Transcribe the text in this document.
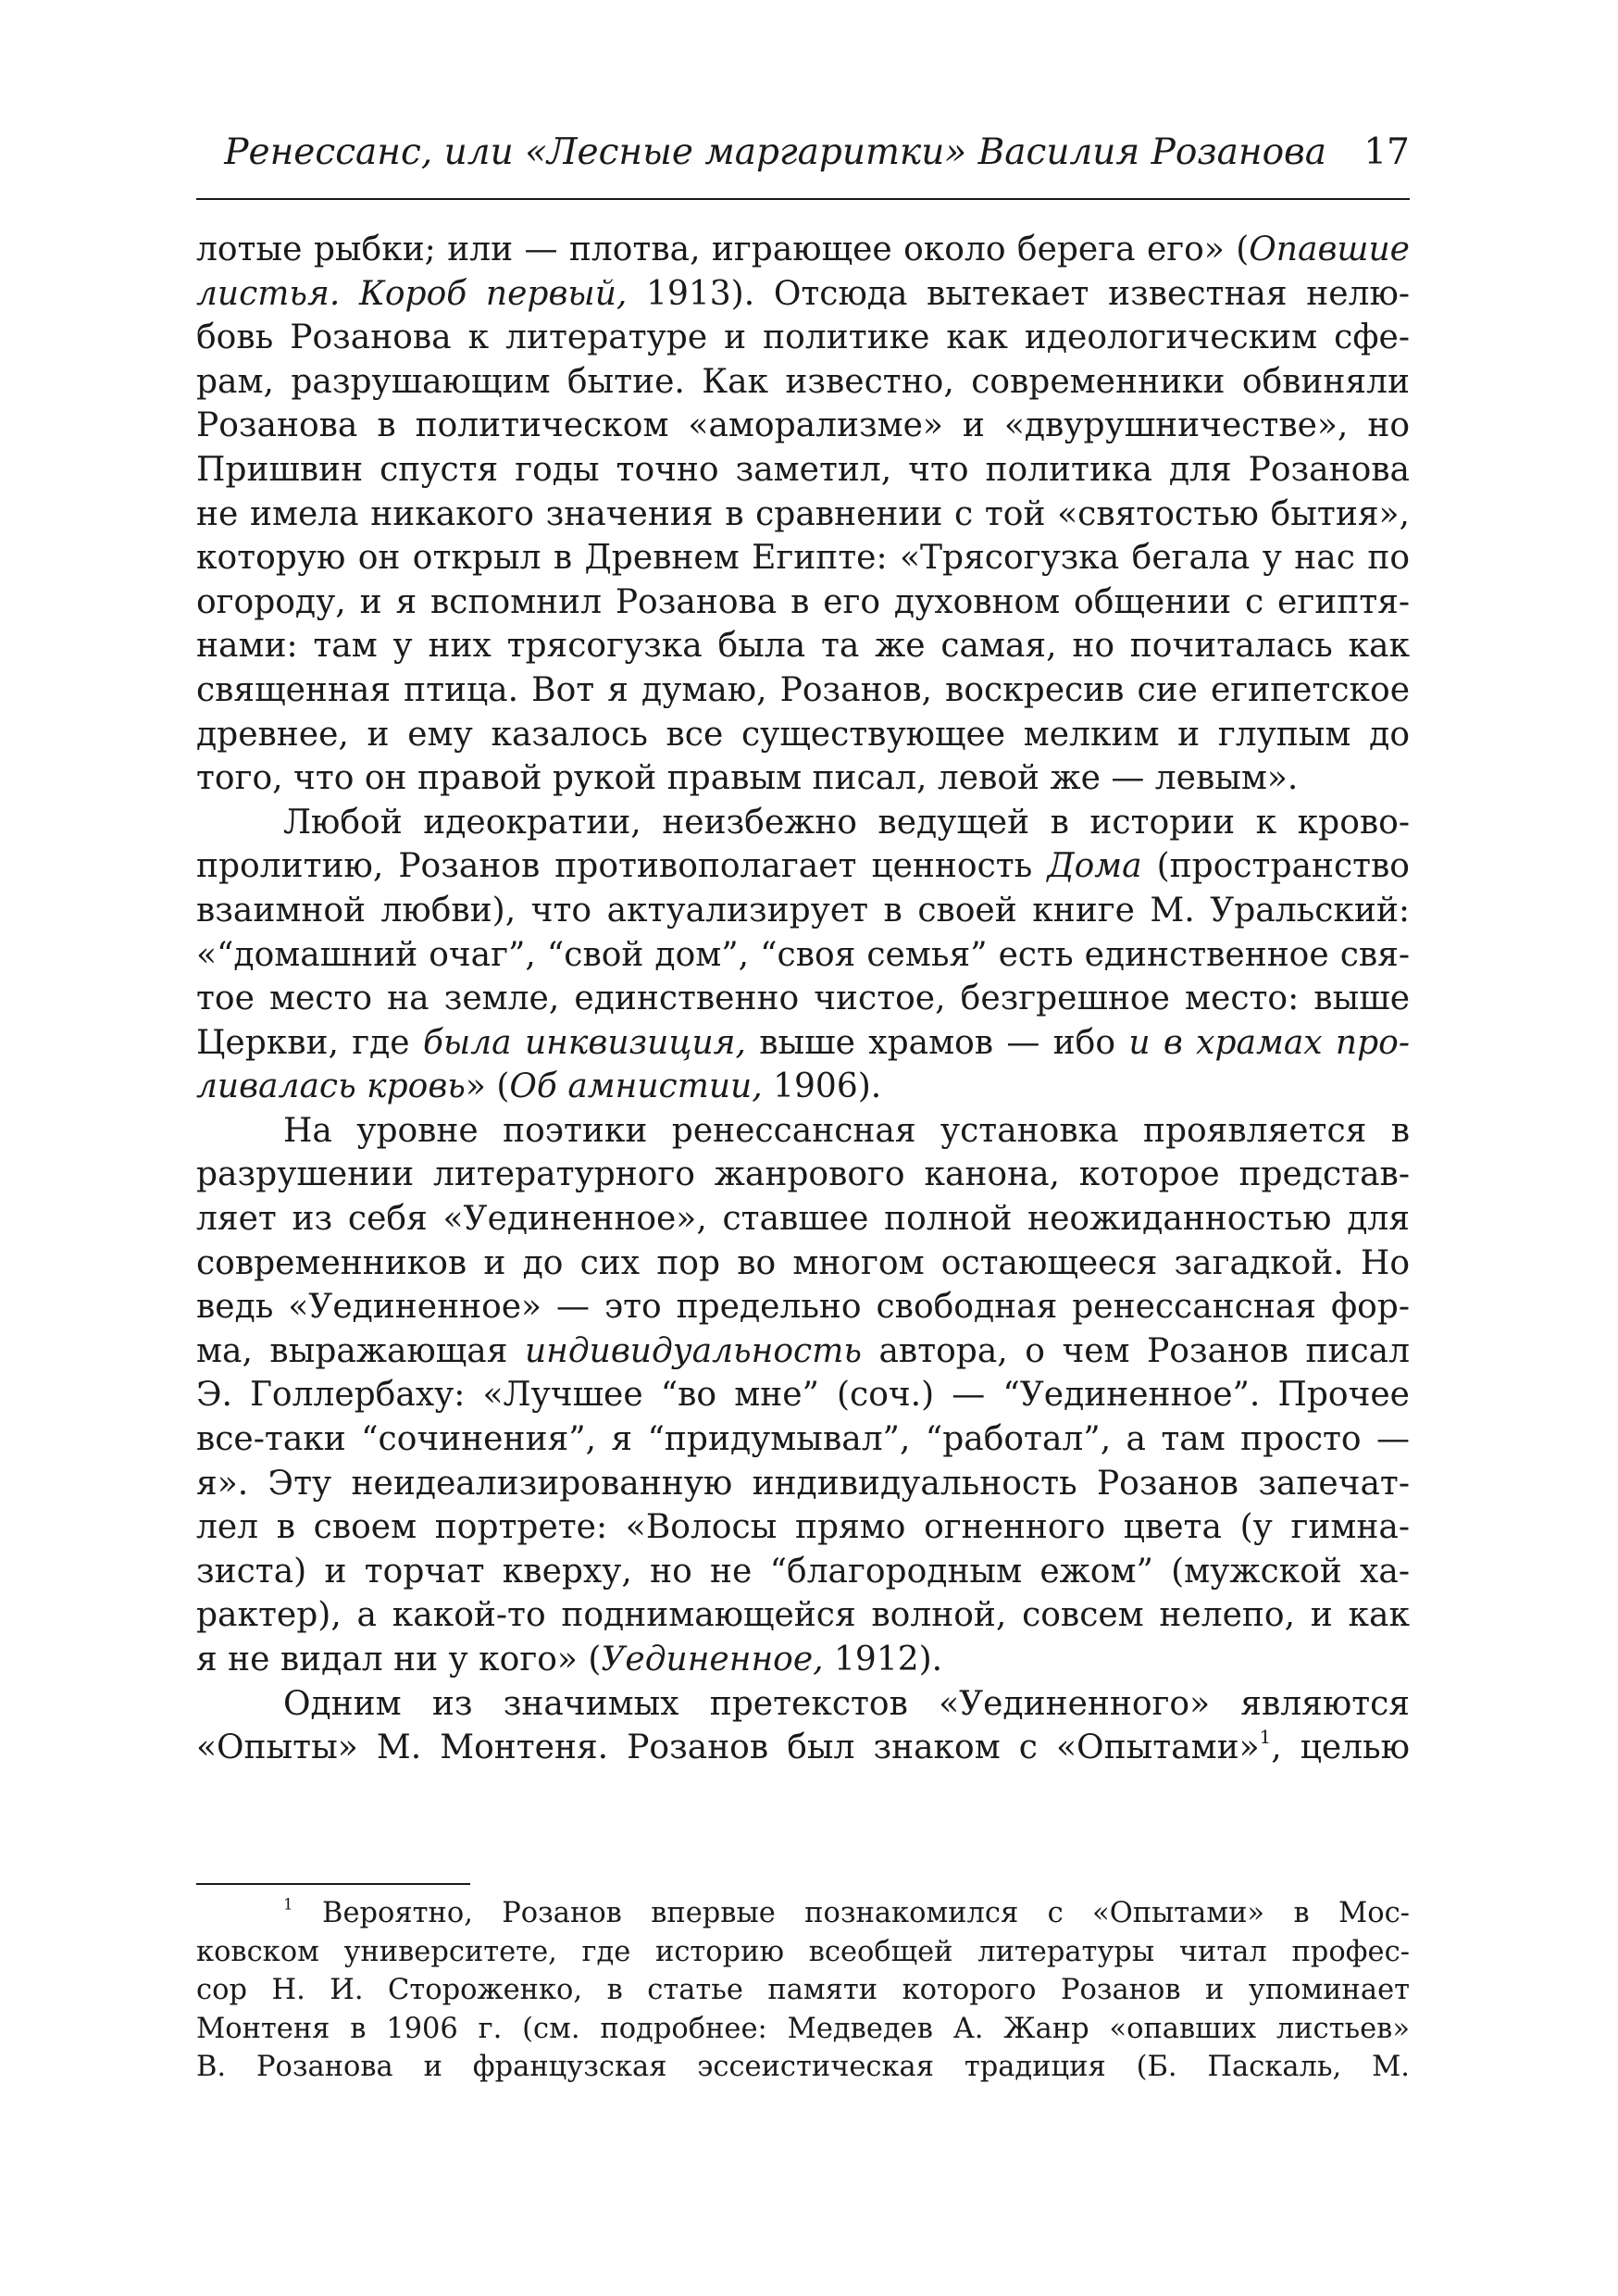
Ренессанс, или «Лесные маргаритки» Василия Розанова 17
лотые рыбки; или — плотва, играющее около берега его» (Опавшие
листья. Короб первый, 1913). Отсюда вытекает известная нелю-
бовь Розанова к литературе и политике как идеологическим сфе-
рам, разрушающим бытие. Как известно, современники обвиняли
Розанова в политическом «аморализме» и «двурушничестве», но
Пришвин спустя годы точно заметил, что политика для Розанова
не имела никакого значения в сравнении с той «святостью бытия»,
которую он открыл в Древнем Египте: «Трясогузка бегала у нас по
огороду, и я вспомнил Розанова в его духовном общении с египтя-
нами: там у них трясогузка была та же самая, но почиталась как
священная птица. Вот я думаю, Розанов, воскресив сие египетское
древнее, и ему казалось все существующее мелким и глупым до
того, что он правой рукой правым писал, левой же — левым».
Любой идеократии, неизбежно ведущей в истории к крово-
пролитию, Розанов противополагает ценность Дома (пространство
взаимной любви), что актуализирует в своей книге М. Уральский:
«“домашний очаг”, “свой дом”, “своя семья” есть единственное свя-
тое место на земле, единственно чистое, безгрешное место: выше
Церкви, где была инквизиция, выше храмов — ибо и в храмах про-
ливалась кровь» (Об амнистии, 1906).
На уровне поэтики ренессансная установка проявляется в
разрушении литературного жанрового канона, которое представ-
ляет из себя «Уединенное», ставшее полной неожиданностью для
современников и до сих пор во многом остающееся загадкой. Но
ведь «Уединенное» — это предельно свободная ренессансная фор-
ма, выражающая индивидуальность автора, о чем Розанов писал
Э. Голлербаху: «Лучшее “во мне” (соч.) — “Уединенное”. Прочее
все-таки “сочинения”, я “придумывал”, “работал”, а там просто —
я». Эту неидеализированную индивидуальность Розанов запечат-
лел в своем портрете: «Волосы прямо огненного цвета (у гимна-
зиста) и торчат кверху, но не “благородным ежом” (мужской ха-
рактер), а какой-то поднимающейся волной, совсем нелепо, и как
я не видал ни у кого» (Уединенное, 1912).
Одним из значимых претекстов «Уединенного» являются
«Опыты» М. Монтеня. Розанов был знаком с «Опытами»$^1$, целью
$^1$ Вероятно, Розанов впервые познакомился с «Опытами» в Мос-
ковском университете, где историю всеобщей литературы читал профес-
сор Н. И. Стороженко, в статье памяти которого Розанов и упоминает
Монтеня в 1906 г. (см. подробнее: Медведев А. Жанр «опавших листьев»
В. Розанова и французская эссеистическая традиция (Б. Паскаль, М.
